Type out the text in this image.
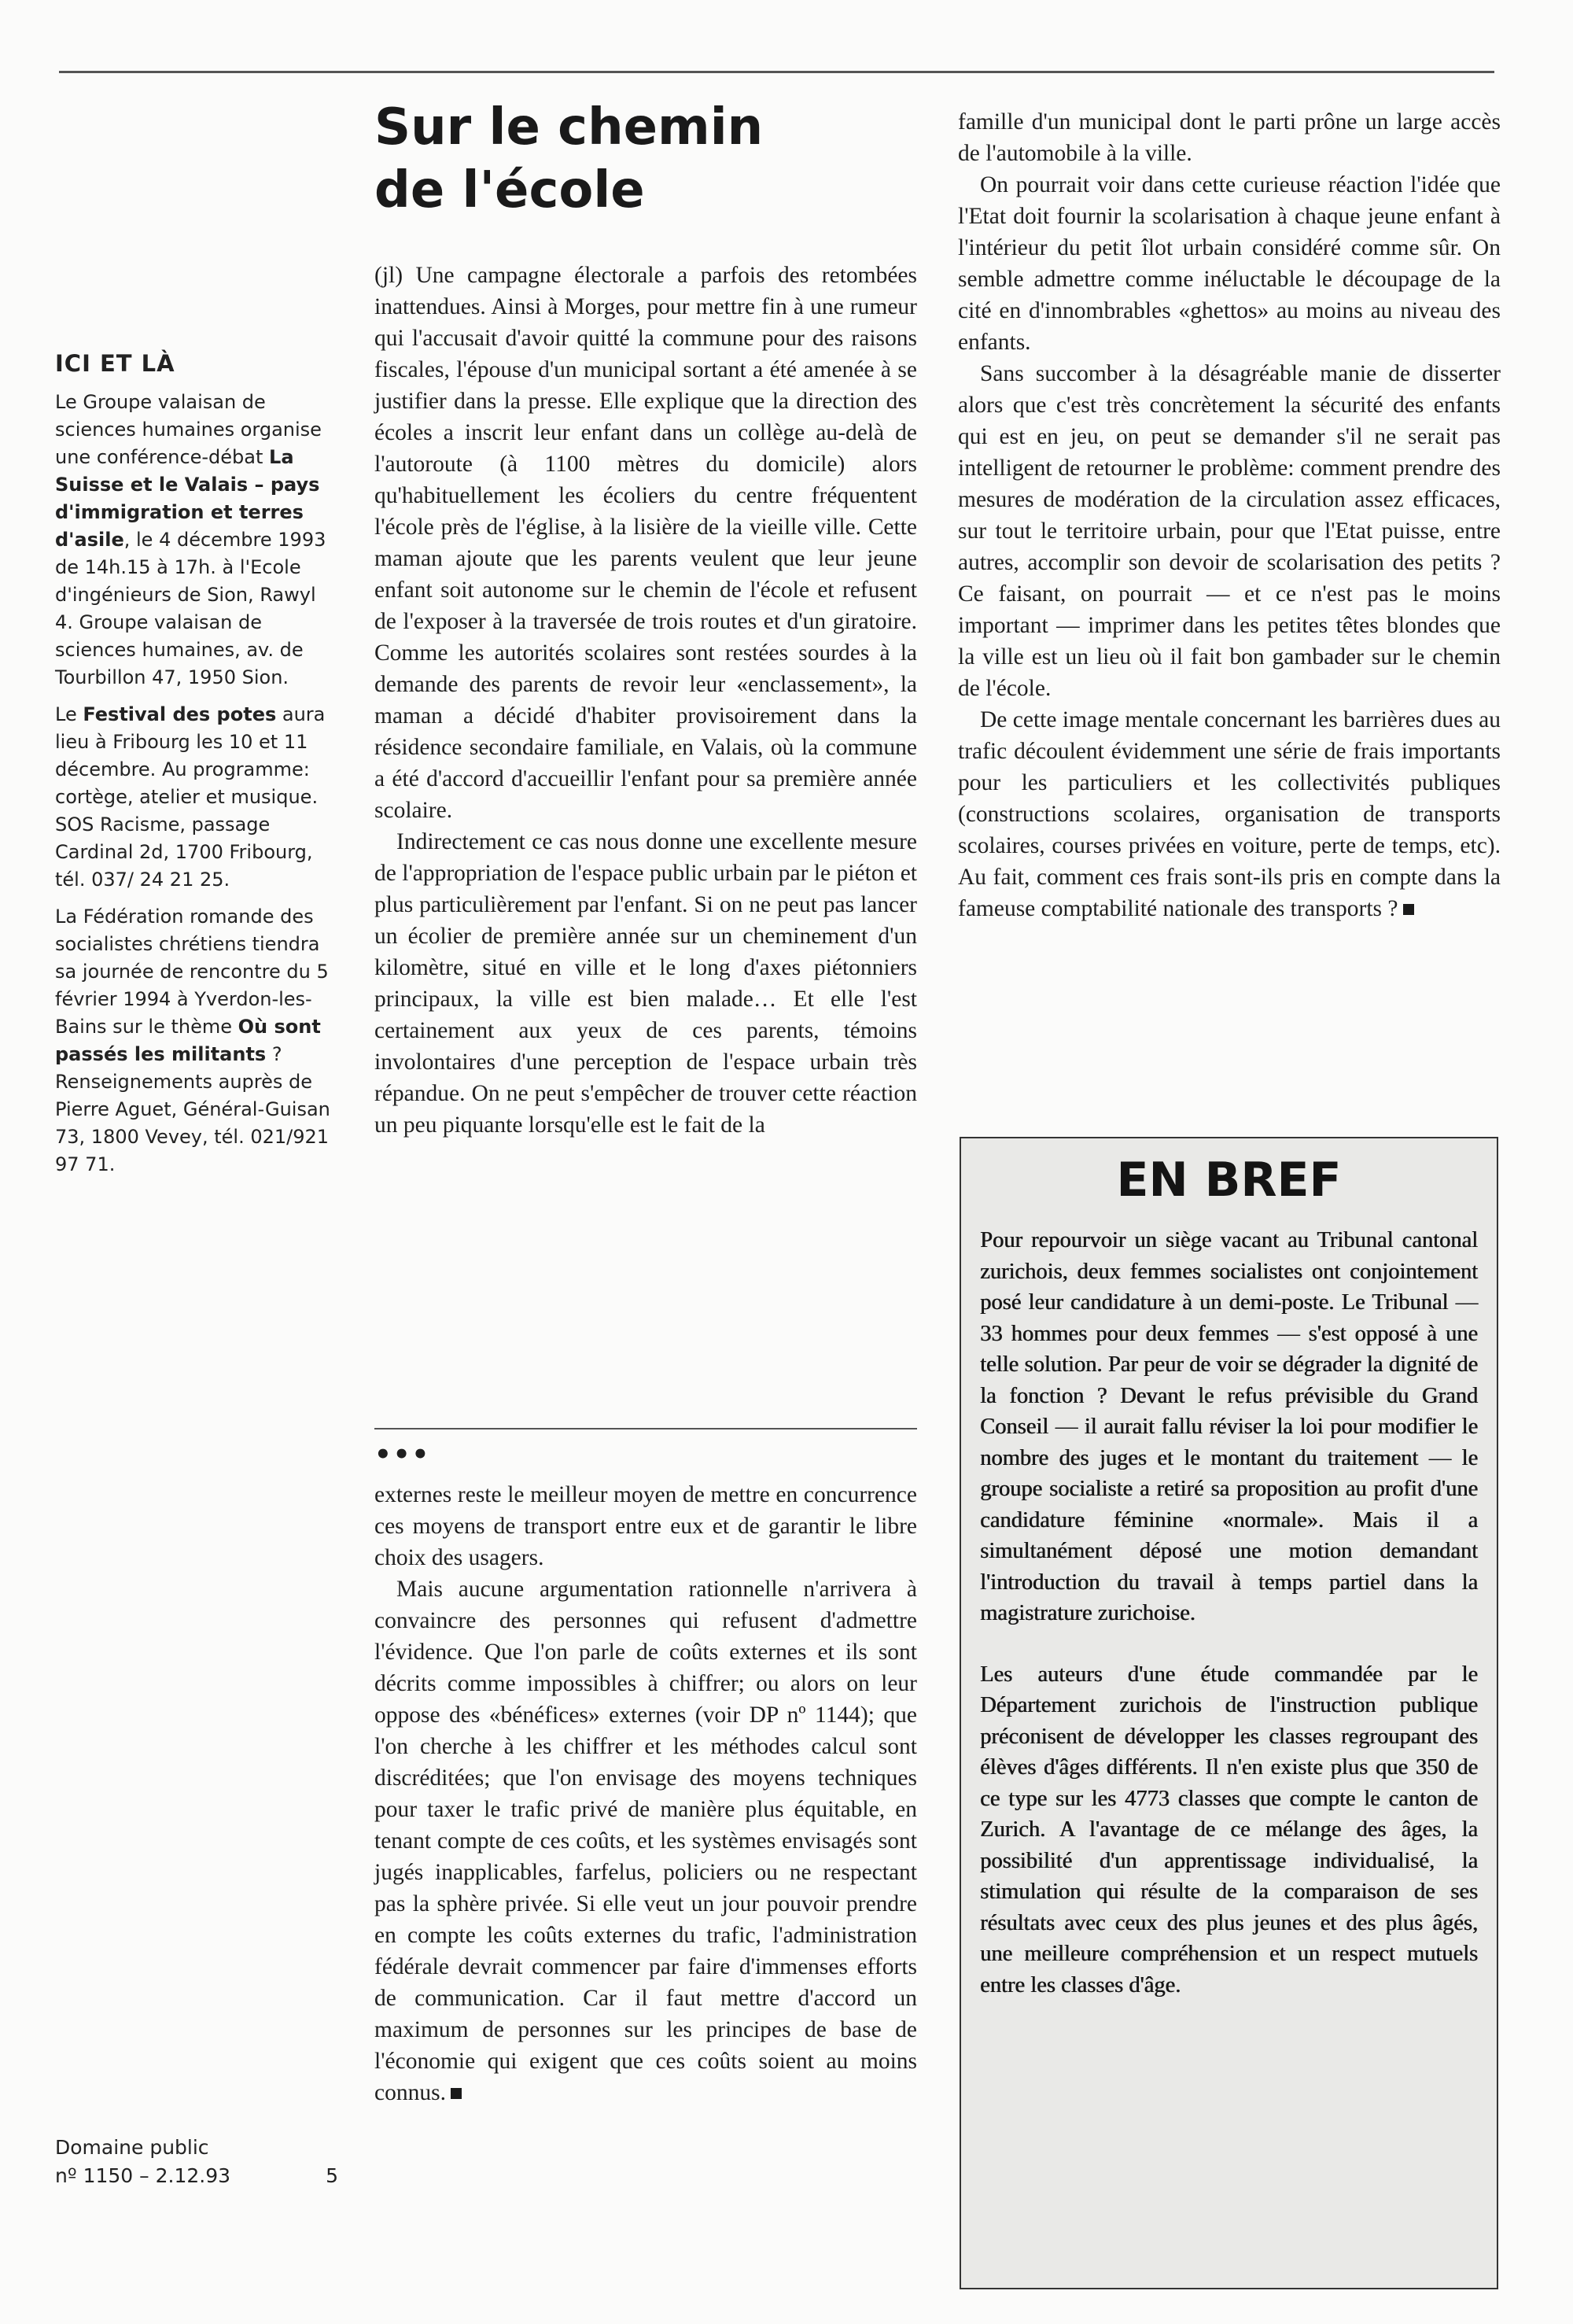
ICI ET LÀ

Le Groupe valaisan de sciences humaines organise une conférence-débat La Suisse et le Valais – pays d'immigration et terres d'asile, le 4 décembre 1993 de 14h.15 à 17h. à l'Ecole d'ingénieurs de Sion, Rawyl 4. Groupe valaisan de sciences humaines, av. de Tourbillon 47, 1950 Sion.

Le Festival des potes aura lieu à Fribourg les 10 et 11 décembre. Au programme: cortège, atelier et musique. SOS Racisme, passage Cardinal 2d, 1700 Fribourg, tél. 037/ 24 21 25.

La Fédération romande des socialistes chrétiens tiendra sa journée de rencontre du 5 février 1994 à Yverdon-les-Bains sur le thème Où sont passés les militants ? Renseignements auprès de Pierre Aguet, Général-Guisan 73, 1800 Vevey, tél. 021/921 97 71.

Domaine public
nº 1150 – 2.12.93	5
Sur le chemin
de l'école

(jl) Une campagne électorale a parfois des retombées inattendues. Ainsi à Morges, pour mettre fin à une rumeur qui l'accusait d'avoir quitté la commune pour des raisons fiscales, l'épouse d'un municipal sortant a été amenée à se justifier dans la presse. Elle explique que la direction des écoles a inscrit leur enfant dans un collège au-delà de l'autoroute (à 1100 mètres du domicile) alors qu'habituellement les écoliers du centre fréquentent l'école près de l'église, à la lisière de la vieille ville. Cette maman ajoute que les parents veulent que leur jeune enfant soit autonome sur le chemin de l'école et refusent de l'exposer à la traversée de trois routes et d'un giratoire. Comme les autorités scolaires sont restées sourdes à la demande des parents de revoir leur «enclassement», la maman a décidé d'habiter provisoirement dans la résidence secondaire familiale, en Valais, où la commune a été d'accord d'accueillir l'enfant pour sa première année scolaire.

Indirectement ce cas nous donne une excellente mesure de l'appropriation de l'espace public urbain par le piéton et plus particulièrement par l'enfant. Si on ne peut pas lancer un écolier de première année sur un cheminement d'un kilomètre, situé en ville et le long d'axes piétonniers principaux, la ville est bien malade… Et elle l'est certainement aux yeux de ces parents, témoins involontaires d'une perception de l'espace urbain très répandue. On ne peut s'empêcher de trouver cette réaction un peu piquante lorsqu'elle est le fait de la

•••

externes reste le meilleur moyen de mettre en concurrence ces moyens de transport entre eux et de garantir le libre choix des usagers.

Mais aucune argumentation rationnelle n'arrivera à convaincre des personnes qui refusent d'admettre l'évidence. Que l'on parle de coûts externes et ils sont décrits comme impossibles à chiffrer; ou alors on leur oppose des «bénéfices» externes (voir DP nº 1144); que l'on cherche à les chiffrer et les méthodes calcul sont discréditées; que l'on envisage des moyens techniques pour taxer le trafic privé de manière plus équitable, en tenant compte de ces coûts, et les systèmes envisagés sont jugés inapplicables, farfelus, policiers ou ne respectant pas la sphère privée. Si elle veut un jour pouvoir prendre en compte les coûts externes du trafic, l'administration fédérale devrait commencer par faire d'immenses efforts de communication. Car il faut mettre d'accord un maximum de personnes sur les principes de base de l'économie qui exigent que ces coûts soient au moins connus.

famille d'un municipal dont le parti prône un large accès de l'automobile à la ville.

On pourrait voir dans cette curieuse réaction l'idée que l'Etat doit fournir la scolarisation à chaque jeune enfant à l'intérieur du petit îlot urbain considéré comme sûr. On semble admettre comme inéluctable le découpage de la cité en d'innombrables «ghettos» au moins au niveau des enfants.

Sans succomber à la désagréable manie de disserter alors que c'est très concrètement la sécurité des enfants qui est en jeu, on peut se demander s'il ne serait pas intelligent de retourner le problème: comment prendre des mesures de modération de la circulation assez efficaces, sur tout le territoire urbain, pour que l'Etat puisse, entre autres, accomplir son devoir de scolarisation des petits ? Ce faisant, on pourrait — et ce n'est pas le moins important — imprimer dans les petites têtes blondes que la ville est un lieu où il fait bon gambader sur le chemin de l'école.

De cette image mentale concernant les barrières dues au trafic découlent évidemment une série de frais importants pour les particuliers et les collectivités publiques (constructions scolaires, organisation de transports scolaires, courses privées en voiture, perte de temps, etc). Au fait, comment ces frais sont-ils pris en compte dans la fameuse comptabilité nationale des transports ?

EN BREF

Pour repourvoir un siège vacant au Tribunal cantonal zurichois, deux femmes socialistes ont conjointement posé leur candidature à un demi-poste. Le Tribunal — 33 hommes pour deux femmes — s'est opposé à une telle solution. Par peur de voir se dégrader la dignité de la fonction ? Devant le refus prévisible du Grand Conseil — il aurait fallu réviser la loi pour modifier le nombre des juges et le montant du traitement — le groupe socialiste a retiré sa proposition au profit d'une candidature féminine «normale». Mais il a simultanément déposé une motion demandant l'introduction du travail à temps partiel dans la magistrature zurichoise.

Les auteurs d'une étude commandée par le Département zurichois de l'instruction publique préconisent de développer les classes regroupant des élèves d'âges différents. Il n'en existe plus que 350 de ce type sur les 4773 classes que compte le canton de Zurich. A l'avantage de ce mélange des âges, la possibilité d'un apprentissage individualisé, la stimulation qui résulte de la comparaison de ses résultats avec ceux des plus jeunes et des plus âgés, une meilleure compréhension et un respect mutuels entre les classes d'âge.
